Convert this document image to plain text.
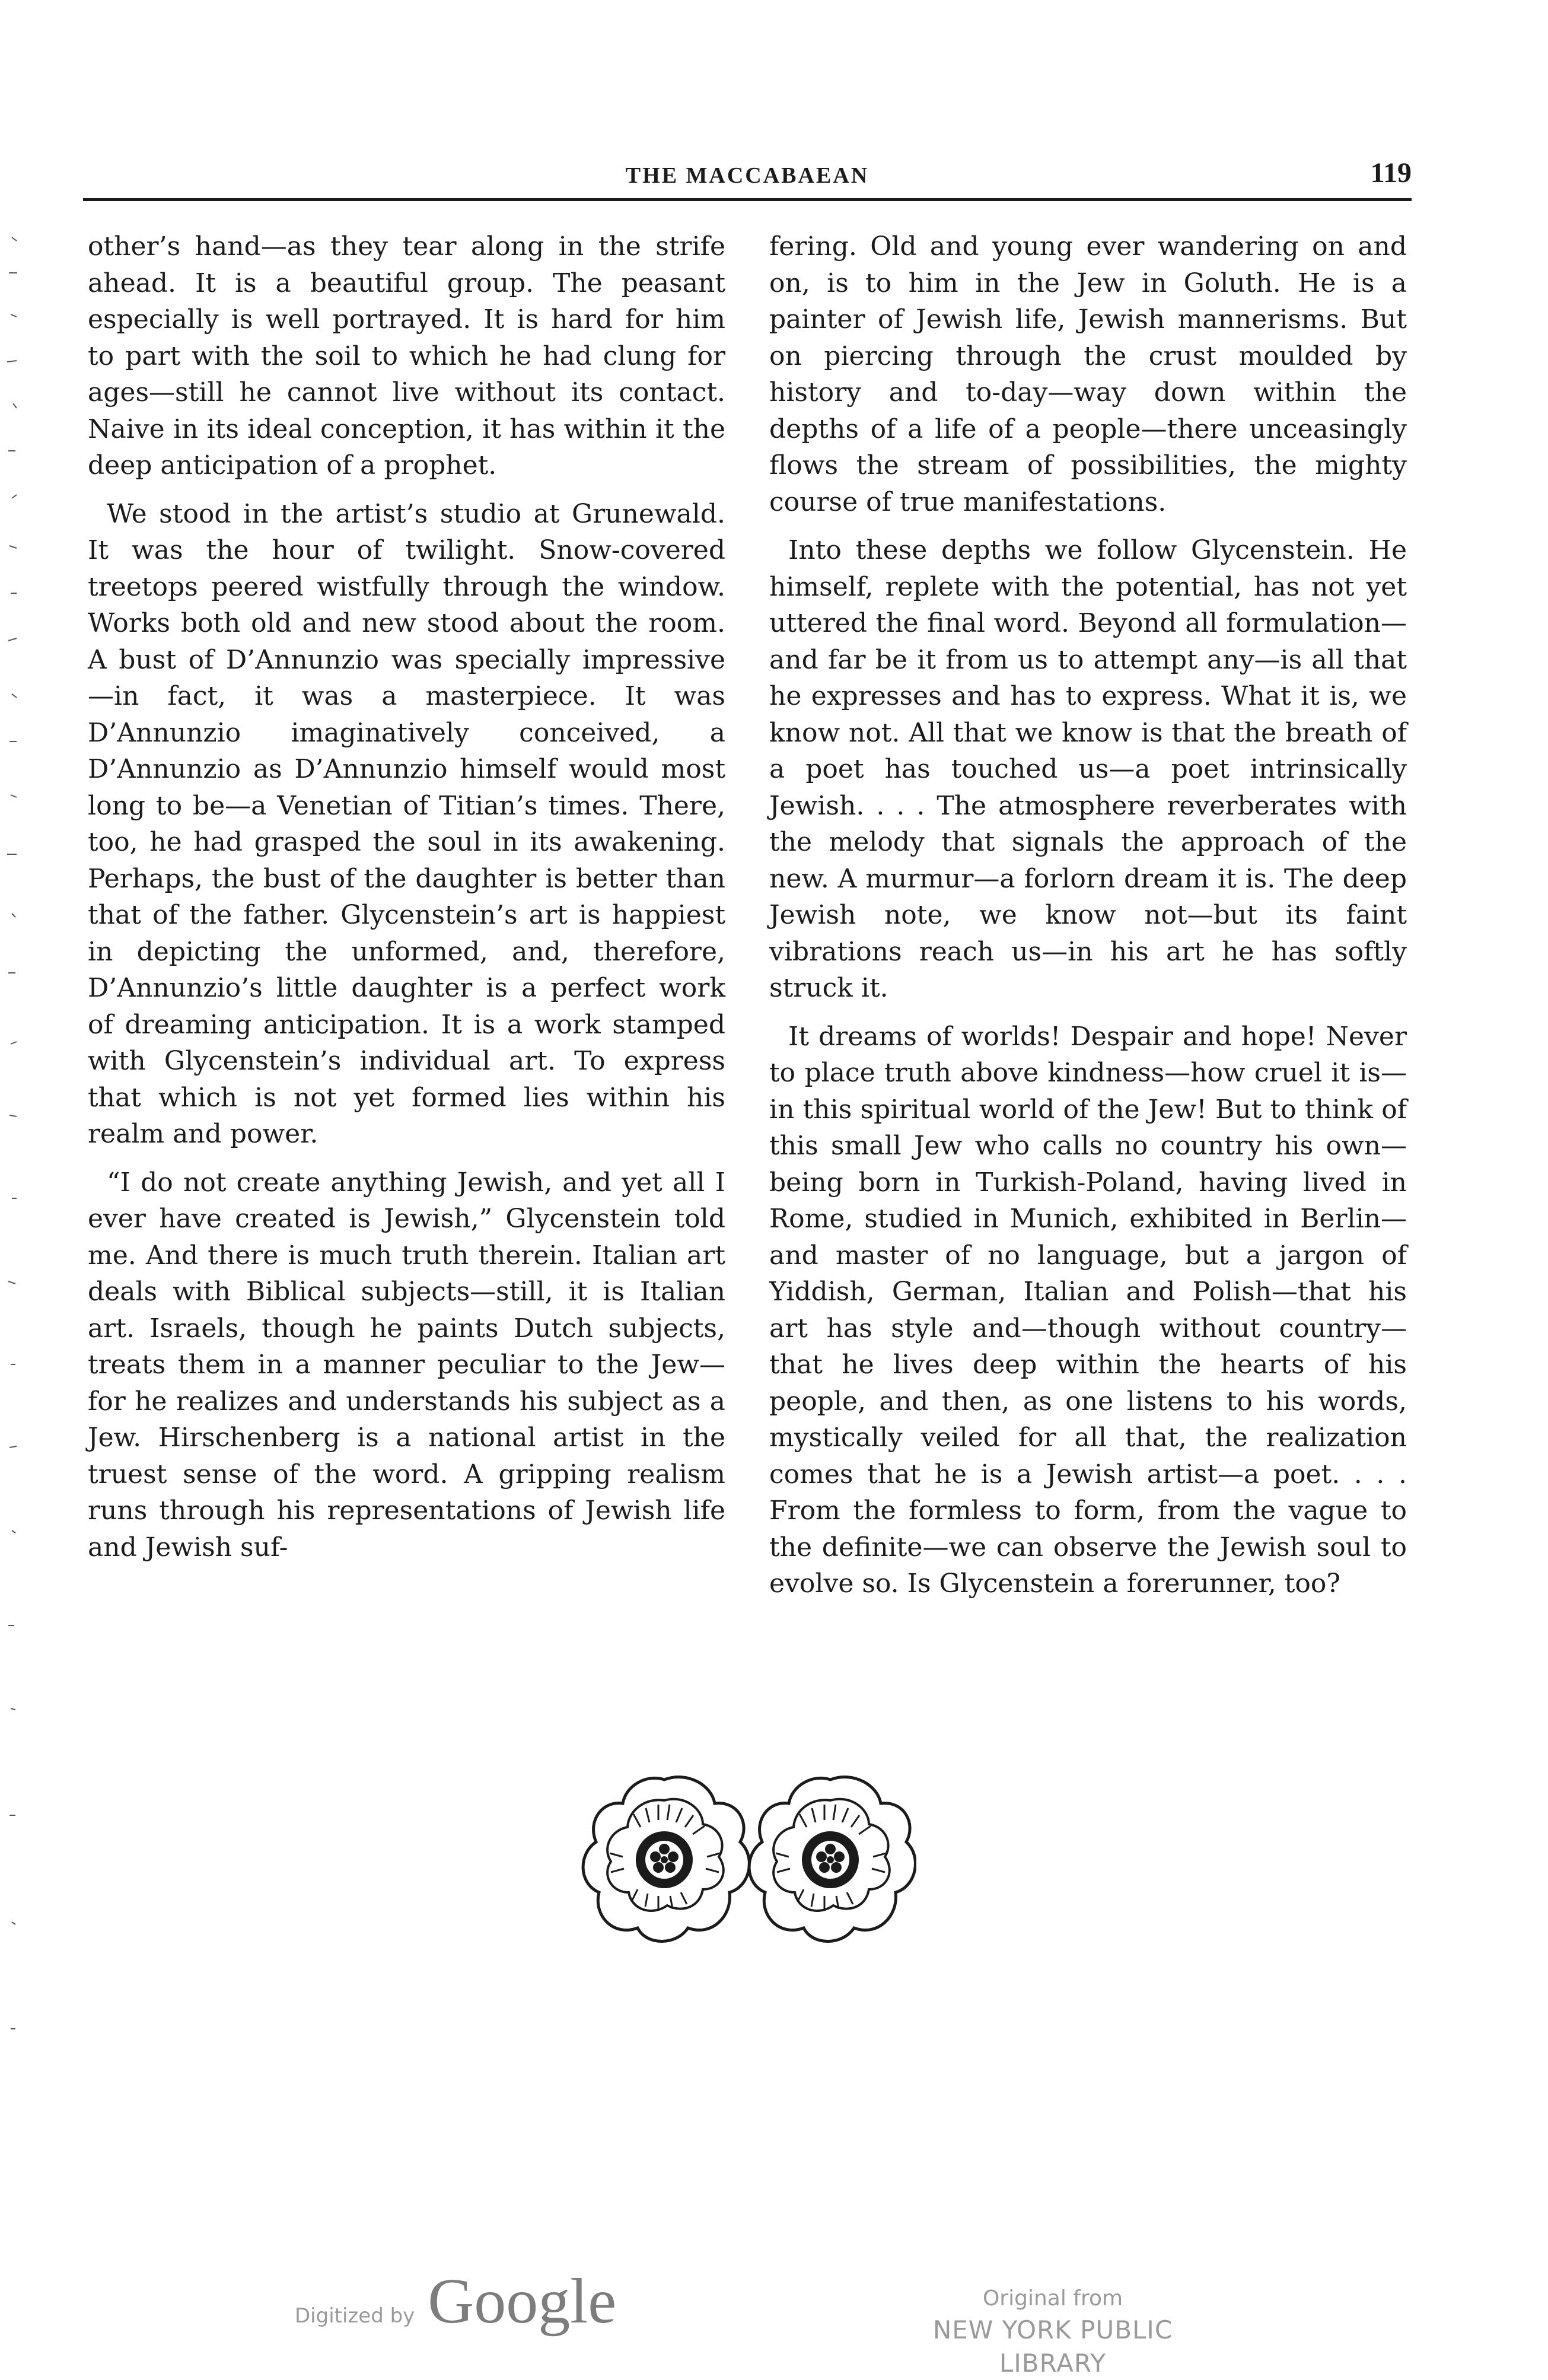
THE MACCABAEAN	119

other’s hand—as they tear along in the strife ahead. It is a beautiful group. The peasant especially is well portrayed. It is hard for him to part with the soil to which he had clung for ages—still he cannot live without its contact. Naive in its ideal conception, it has within it the deep anticipation of a prophet.

We stood in the artist’s studio at Grunewald. It was the hour of twilight. Snow-covered treetops peered wistfully through the window. Works both old and new stood about the room. A bust of D’Annunzio was specially impressive—in fact, it was a masterpiece. It was D’Annunzio imaginatively conceived, a D’Annunzio as D’Annunzio himself would most long to be—a Venetian of Titian’s times. There, too, he had grasped the soul in its awakening. Perhaps, the bust of the daughter is better than that of the father. Glycenstein’s art is happiest in depicting the unformed, and, therefore, D’Annunzio’s little daughter is a perfect work of dreaming anticipation. It is a work stamped with Glycenstein’s individual art. To express that which is not yet formed lies within his realm and power.

“I do not create anything Jewish, and yet all I ever have created is Jewish,” Glycenstein told me. And there is much truth therein. Italian art deals with Biblical subjects—still, it is Italian art. Israels, though he paints Dutch subjects, treats them in a manner peculiar to the Jew—for he realizes and understands his subject as a Jew. Hirschenberg is a national artist in the truest sense of the word. A gripping realism runs through his representations of Jewish life and Jewish suf-

fering. Old and young ever wandering on and on, is to him in the Jew in Goluth. He is a painter of Jewish life, Jewish mannerisms. But on piercing through the crust moulded by history and to-day—way down within the depths of a life of a people—there unceasingly flows the stream of possibilities, the mighty course of true manifestations.

Into these depths we follow Glycenstein. He himself, replete with the potential, has not yet uttered the final word. Beyond all formulation—and far be it from us to attempt any—is all that he expresses and has to express. What it is, we know not. All that we know is that the breath of a poet has touched us—a poet intrinsically Jewish. . . . The atmosphere reverberates with the melody that signals the approach of the new. A murmur—a forlorn dream it is. The deep Jewish note, we know not—but its faint vibrations reach us—in his art he has softly struck it.

It dreams of worlds! Despair and hope! Never to place truth above kindness—how cruel it is—in this spiritual world of the Jew! But to think of this small Jew who calls no country his own—being born in Turkish-Poland, having lived in Rome, studied in Munich, exhibited in Berlin—and master of no language, but a jargon of Yiddish, German, Italian and Polish—that his art has style and—though without country—that he lives deep within the hearts of his people, and then, as one listens to his words, mystically veiled for all that, the realization comes that he is a Jewish artist—a poet. . . . From the formless to form, from the vague to the definite—we can observe the Jewish soul to evolve so. Is Glycenstein a forerunner, too?

Digitized by Google	Original from
NEW YORK PUBLIC LIBRARY
